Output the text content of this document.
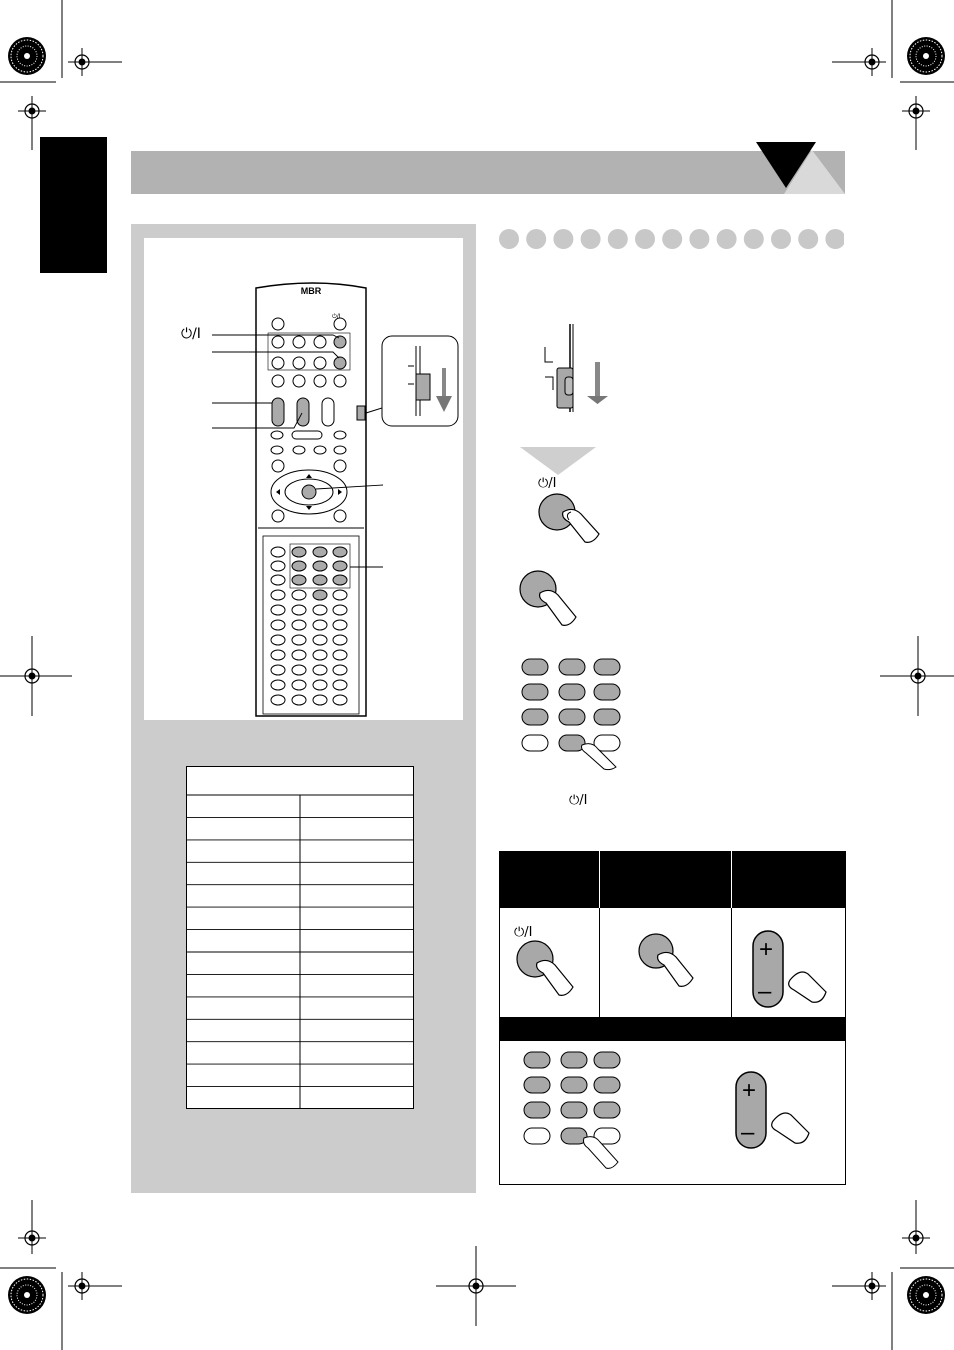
MBR
⏻/I
⏻/I
⏻/I
⏻/I
⏻/I
+
–
+
–
